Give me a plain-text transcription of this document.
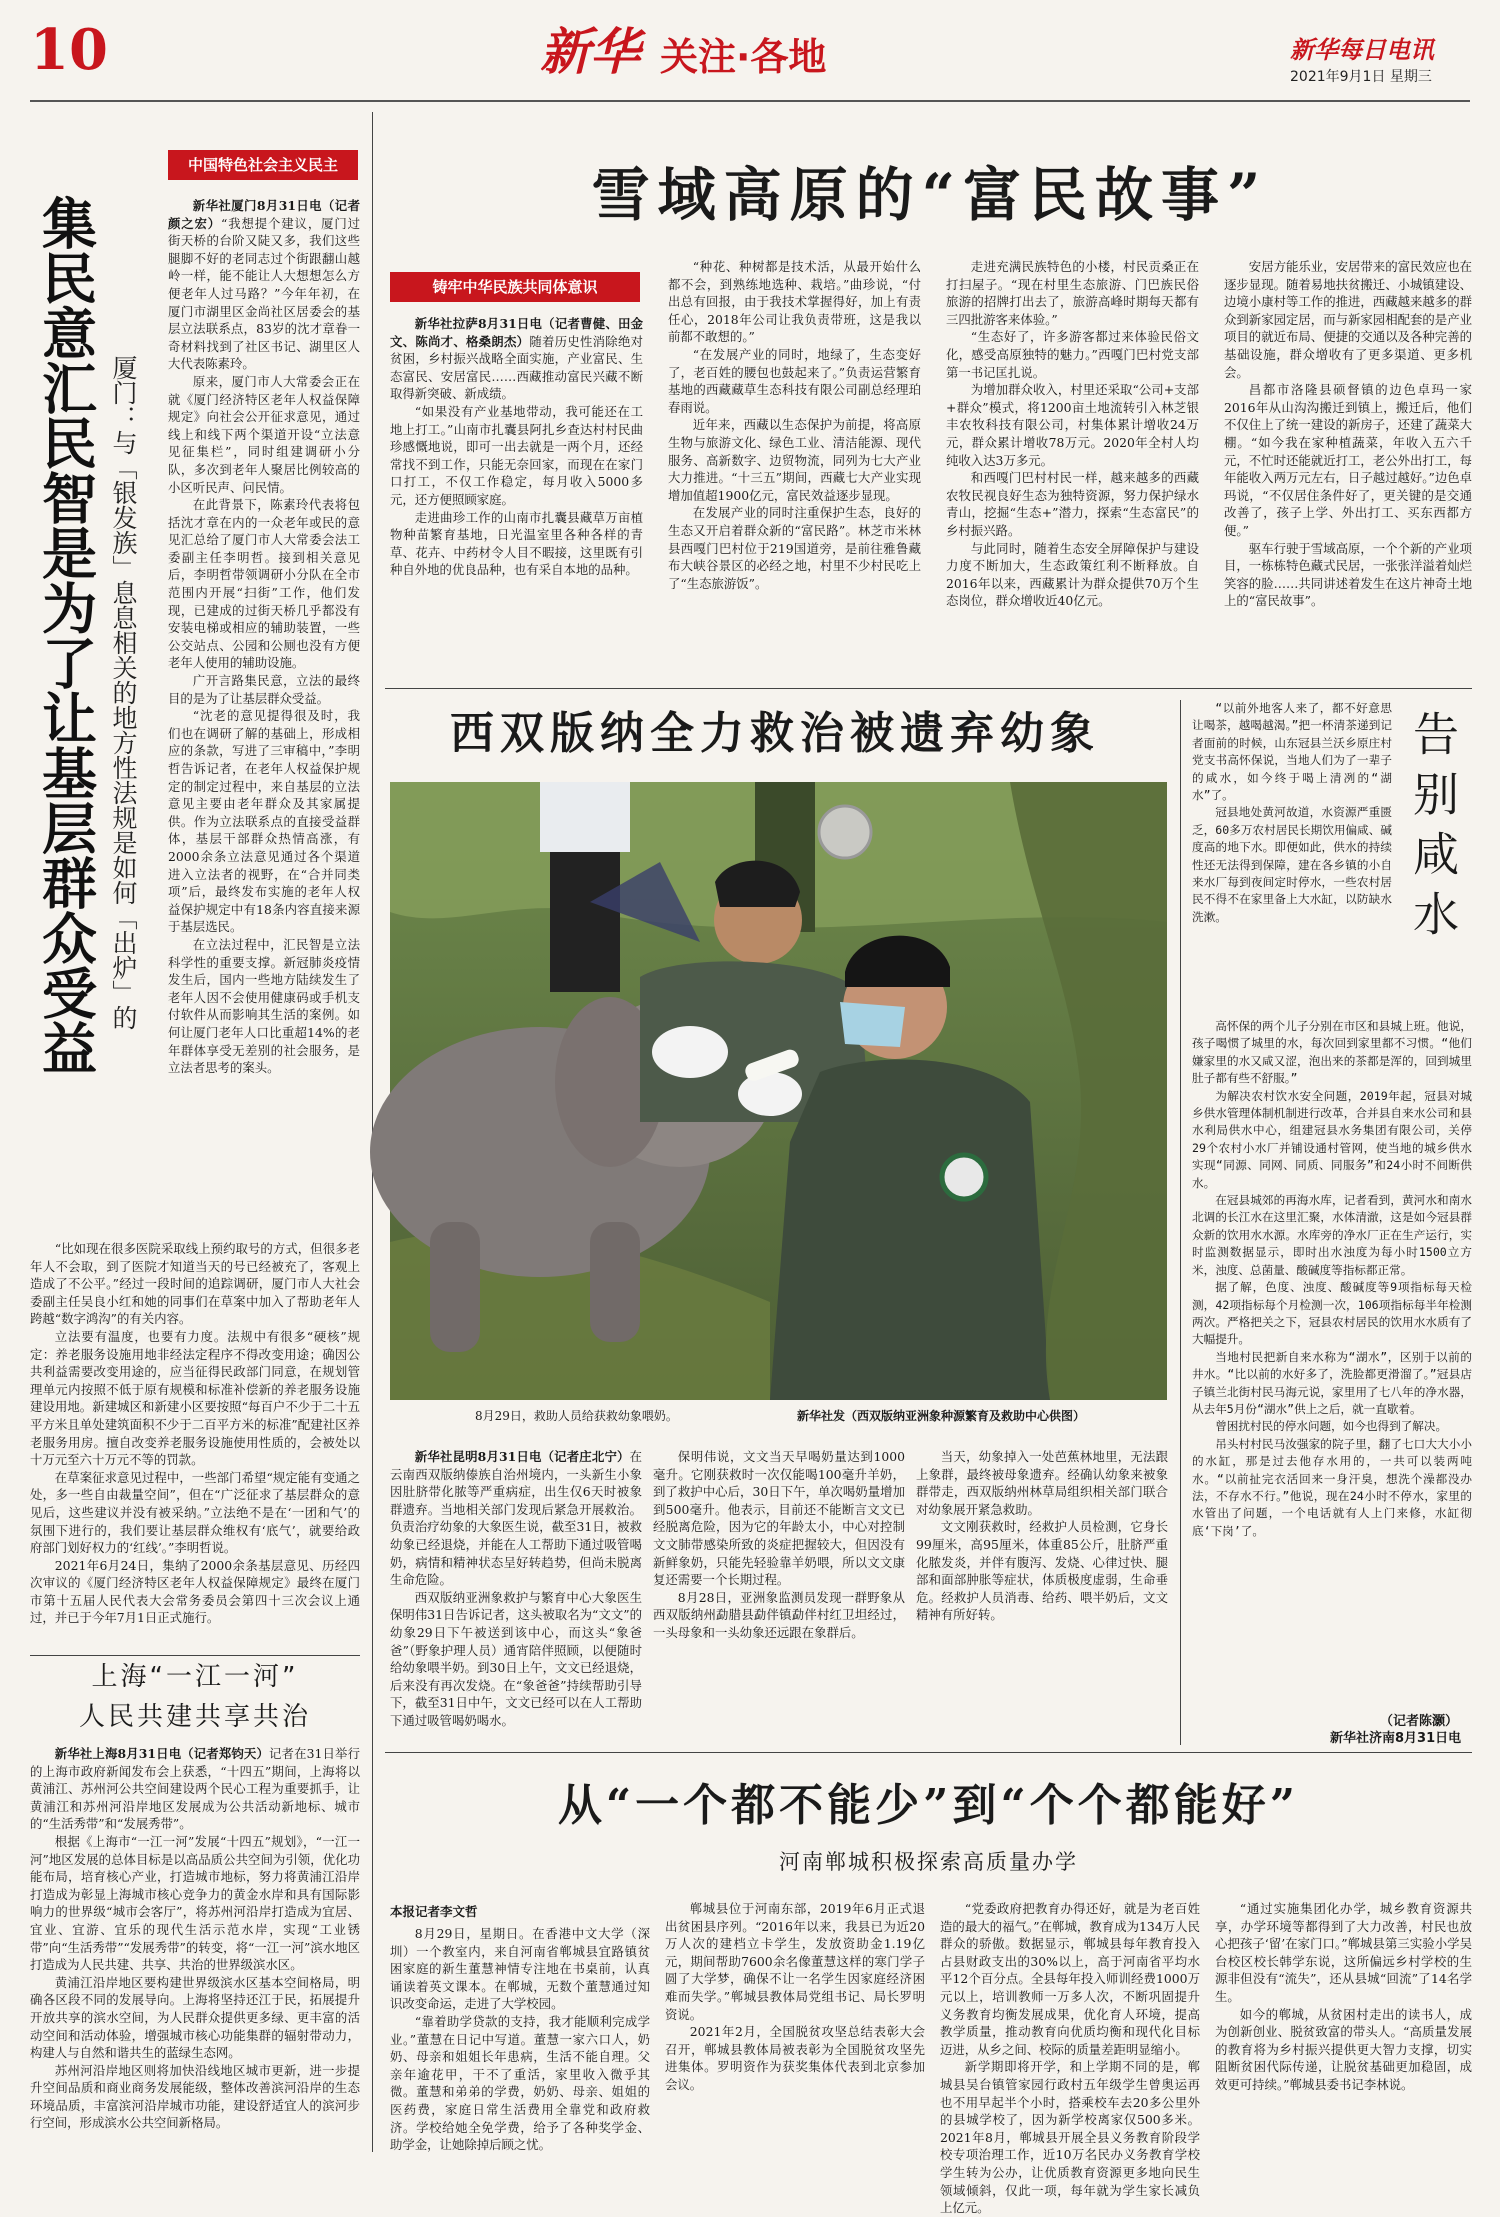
10	新华 关注·各地	新华每日电讯
2021年9月1日 星期三
中国特色社会主义民主
集民意汇民智是为了让基层群众受益 厦门：与「银发族」息息相关的地方性法规是如何「出炉」的

新华社厦门8月31日电（记者颜之宏）“我想提个建议，厦门过街天桥的台阶又陡又多，我们这些腿脚不好的老同志过个街跟翻山越岭一样，能不能让人大想想怎么方便老年人过马路？”今年年初，在厦门市湖里区金尚社区居委会的基层立法联系点，83岁的沈才章眷一奇材料找到了社区书记、湖里区人大代表陈素玲。

原来，厦门市人大常委会正在就《厦门经济特区老年人权益保障规定》向社会公开征求意见，通过线上和线下两个渠道开设“立法意见征集栏”，同时组建调研小分队，多次到老年人聚居比例较高的小区听民声、问民情。

在此背景下，陈素玲代表将包括沈才章在内的一众老年或民的意见汇总给了厦门市人大常委会法工委副主任李明哲。接到相关意见后，李明哲带领调研小分队在全市范围内开展“扫街”工作，他们发现，已建成的过街天桥几乎都没有安装电梯或相应的辅助装置，一些公交站点、公园和公厕也没有方便老年人使用的辅助设施。

广开言路集民意，立法的最终目的是为了让基层群众受益。

“沈老的意见提得很及时，我们也在调研了解的基础上，形成相应的条款，写进了三审稿中，”李明哲告诉记者，在老年人权益保护规定的制定过程中，来自基层的立法意见主要由老年群众及其家属提供。作为立法联系点的直接受益群体，基层干部群众热情高涨，有2000余条立法意见通过各个渠道进入立法者的视野，在“合并同类项”后，最终发布实施的老年人权益保护规定中有18条内容直接来源于基层选民。

在立法过程中，汇民智是立法科学性的重要支撑。新冠肺炎疫情发生后，国内一些地方陆续发生了老年人因不会使用健康码或手机支付软件从而影响其生活的案例。如何让厦门老年人口比重超14%的老年群体享受无差别的社会服务，是立法者思考的案头。

“比如现在很多医院采取线上预约取号的方式，但很多老年人不会取，到了医院才知道当天的号已经被充了，客观上造成了不公平。”经过一段时间的追踪调研，厦门市人大社会委副主任吴良小红和她的同事们在草案中加入了帮助老年人跨越“数字鸿沟”的有关内容。

立法要有温度，也要有力度。法规中有很多“硬核”规定：养老服务设施用地非经法定程序不得改变用途；确因公共利益需要改变用途的，应当征得民政部门同意，在规划管理单元内按照不低于原有规模和标准补偿新的养老服务设施建设用地。新建城区和新建小区要按照“每百户不少于二十五平方米且单处建筑面积不少于二百平方米的标准”配建社区养老服务用房。擅自改变养老服务设施使用性质的，会被处以十万元至六十万元不等的罚款。

在草案征求意见过程中，一些部门希望“规定能有变通之处，多一些自由裁量空间”，但在“广泛征求了基层群众的意见后，这些建议并没有被采纳。”立法绝不是在‘一团和气’的氛围下进行的，我们要让基层群众维权有‘底气’，就要给政府部门划好权力的‘红线’。”李明哲说。

2021年6月24日，集纳了2000余条基层意见、历经四次审议的《厦门经济特区老年人权益保障规定》最终在厦门市第十五届人民代表大会常务委员会第四十三次会议上通过，并已于今年7月1日正式施行。

上海“一江一河”
人民共建共享共治

新华社上海8月31日电（记者郑钧天）记者在31日举行的上海市政府新闻发布会上获悉，“十四五”期间，上海将以黄浦江、苏州河公共空间建设两个民心工程为重要抓手，让黄浦江和苏州河沿岸地区发展成为公共活动新地标、城市的“生活秀带”和“发展秀带”。

根据《上海市“一江一河”发展“十四五”规划》，“一江一河”地区发展的总体目标是以高品质公共空间为引领，优化功能布局，培育核心产业，打造城市地标，努力将黄浦江沿岸打造成为彰显上海城市核心竞争力的黄金水岸和具有国际影响力的世界级“城市会客厅”，将苏州河沿岸打造成为宜居、宜业、宜游、宜乐的现代生活示范水岸，实现“工业锈带”向“生活秀带”“发展秀带”的转变，将“一江一河”滨水地区打造成为人民共建、共享、共治的世界级滨水区。

黄浦江沿岸地区要构建世界级滨水区基本空间格局，明确各区段不同的发展导向。上海将坚持还江于民，拓展提升开放共享的滨水空间，为人民群众提供更多绿、更丰富的活动空间和活动体验，增强城市核心功能集群的辐射带动力，构建人与自然和谐共生的蓝绿生态网。

苏州河沿岸地区则将加快沿线地区城市更新，进一步提升空间品质和商业商务发展能级，整体改善滨河沿岸的生态环境品质，丰富滨河沿岸城市功能，建设舒适宜人的滨河步行空间，形成滨水公共空间新格局。

雪域高原的“富民故事”
铸牢中华民族共同体意识

新华社拉萨8月31日电（记者曹健、田金文、陈尚才、格桑朗杰）随着历史性消除绝对贫困，乡村振兴战略全面实施，产业富民、生态富民、安居富民……西藏推动富民兴藏不断取得新突破、新成绩。

“如果没有产业基地带动，我可能还在工地上打工。”山南市扎囊县阿扎乡查达村村民曲珍感慨地说，即可一出去就是一两个月，还经常找不到工作，只能无奈回家，而现在在家门口打工，不仅工作稳定，每月收入5000多元，还方便照顾家庭。

走进曲珍工作的山南市扎囊县藏草万亩植物种苗繁育基地，日光温室里各种各样的青草、花卉、中药材令人目不暇接，这里既有引种自外地的优良品种，也有采自本地的品种。

“种花、种树都是技术活，从最开始什么都不会，到熟练地选种、栽培。”曲珍说，“付出总有回报，由于我技术掌握得好，加上有责任心，2018年公司让我负责带班，这是我以前都不敢想的。”

“在发展产业的同时，地绿了，生态变好了，老百姓的腰包也鼓起来了。”负责运营繁育基地的西藏藏草生态科技有限公司副总经理珀春雨说。

近年来，西藏以生态保护为前提，将高原生物与旅游文化、绿色工业、清洁能源、现代服务、高新数字、边贸物流，同列为七大产业大力推进。“十三五”期间，西藏七大产业实现增加值超1900亿元，富民效益逐步显现。

在发展产业的同时注重保护生态，良好的生态又开启着群众新的“富民路”。林芝市米林县西嘎门巴村位于219国道旁，是前往雅鲁藏布大峡谷景区的必经之地，村里不少村民吃上了“生态旅游饭”。

走进充满民族特色的小楼，村民贡桑正在打扫屋子。“现在村里生态旅游、门巴族民俗旅游的招牌打出去了，旅游高峰时期每天都有三四批游客来体验。”

“生态好了，许多游客都过来体验民俗文化，感受高原独特的魅力。”西嘎门巴村党支部第一书记匡扎说。

为增加群众收入，村里还采取“公司+支部+群众”模式，将1200亩土地流转引入林芝银丰农牧科技有限公司，村集体累计增收24万元，群众累计增收78万元。2020年全村人均纯收入达3万多元。

和西嘎门巴村村民一样，越来越多的西藏农牧民视良好生态为独特资源，努力保护绿水青山，挖掘“生态+”潜力，探索“生态富民”的乡村振兴路。

与此同时，随着生态安全屏障保护与建设力度不断加大，生态政策红利不断释放。自2016年以来，西藏累计为群众提供70万个生态岗位，群众增收近40亿元。

安居方能乐业，安居带来的富民效应也在逐步显现。随着易地扶贫搬迁、小城镇建设、边境小康村等工作的推进，西藏越来越多的群众到新家园定居，而与新家园相配套的是产业项目的就近布局、便捷的交通以及各种完善的基础设施，群众增收有了更多渠道、更多机会。

昌都市洛隆县硕督镇的边色卓玛一家2016年从山沟沟搬迁到镇上，搬迁后，他们不仅住上了统一建设的新房子，还建了蔬菜大棚。“如今我在家种植蔬菜，年收入五六千元，不忙时还能就近打工，老公外出打工，每年能收入两万元左右，日子越过越好。”边色卓玛说，“不仅居住条件好了，更关键的是交通改善了，孩子上学、外出打工、买东西都方便。”

驱车行驶于雪域高原，一个个新的产业项目，一栋栋特色藏式民居，一张张洋溢着灿烂笑容的脸……共同讲述着发生在这片神奇土地上的“富民故事”。

西双版纳全力救治被遗弃幼象
8月29日，救助人员给获救幼象喂奶。	新华社发（西双版纳亚洲象种源繁育及救助中心供图）

新华社昆明8月31日电（记者庄北宁）在云南西双版纳傣族自治州境内，一头新生小象因肚脐带化脓等严重病症，出生仅6天时被象群遗弃。当地相关部门发现后紧急开展救治。负责治疗幼象的大象医生说，截至31日，被救幼象已经退烧，并能在人工帮助下通过吸管喝奶，病情和精神状态呈好转趋势，但尚未脱离生命危险。

西双版纳亚洲象救护与繁育中心大象医生保明伟31日告诉记者，这头被取名为“文文”的幼象29日下午被送到该中心，而这头“象爸爸”（野象护理人员）通宵陪伴照顾，以便随时给幼象喂半奶。到30日上午，文文已经退烧，后来没有再次发烧。在“象爸爸”持续帮助引导下，截至31日中午，文文已经可以在人工帮助下通过吸管喝奶喝水。

保明伟说，文文当天早喝奶量达到1000毫升。它刚获救时一次仅能喝100毫升羊奶，到了救护中心后，30日下午，单次喝奶量增加到500毫升。他表示，目前还不能断言文文已经脱离危险，因为它的年龄太小，中心对控制文文肺带感染所致的炎症把握较大，但因没有新鲜象奶，只能先轻验靠羊奶喂，所以文文康复还需要一个长期过程。

8月28日，亚洲象监测员发现一群野象从西双版纳州勐腊县勐伴镇勐伴村红卫坦经过，一头母象和一头幼象还远跟在象群后。

当天，幼象掉入一处芭蕉林地里，无法跟上象群，最终被母象遗弃。经确认幼象来被象群带走，西双版纳州林草局组织相关部门联合对幼象展开紧急救助。

文文刚获救时，经救护人员检测，它身长99厘米，高95厘米，体重85公斤，肚脐严重化脓发炎，并伴有腹泻、发烧、心律过快、腿部和面部肿胀等症状，体质极度虚弱，生命垂危。经救护人员消毒、给药、喂半奶后，文文精神有所好转。

告别咸水

“以前外地客人来了，都不好意思让喝茶，越喝越渴。”把一杯清茶递到记者面前的时候，山东冠县兰沃乡原庄村党支书高怀保说，当地人们为了一辈子的咸水，如今终于喝上清冽的“湖水”了。

冠县地处黄河故道，水资源严重匮乏，60多万农村居民长期饮用偏咸、碱度高的地下水。即便如此，供水的持续性还无法得到保障，建在各乡镇的小自来水厂每到夜间定时停水，一些农村居民不得不在家里备上大水缸，以防缺水洗漱。

高怀保的两个儿子分别在市区和县城上班。他说，孩子喝惯了城里的水，每次回到家里都不习惯。“他们嫌家里的水又咸又涩，泡出来的茶都是浑的，回到城里肚子都有些不舒服。”

为解决农村饮水安全问题，2019年起，冠县对城乡供水管理体制机制进行改革，合并县自来水公司和县水利局供水中心，组建冠县水务集团有限公司，关停29个农村小水厂并铺设通村管网，使当地的城乡供水实现“同源、同网、同质、同服务”和24小时不间断供水。

在冠县城郊的再海水库，记者看到，黄河水和南水北调的长江水在这里汇聚，水体清澈，这是如今冠县群众新的饮用水水源。水库旁的净水厂正在生产运行，实时监测数据显示，即时出水浊度为每小时1500立方米，浊度、总菌量、酸碱度等指标都正常。

据了解，色度、浊度、酸碱度等9项指标每天检测，42项指标每个月检测一次，106项指标每半年检测两次。严格把关之下，冠县农村居民的饮用水水质有了大幅提升。

当地村民把新自来水称为“湖水”，区别于以前的井水。“比以前的水好多了，洗脸都更滑溜了。”冠县店子镇兰北街村民马海元说，家里用了七八年的净水器，从去年5月份“湖水”供上之后，就一直歇着。

曾困扰村民的停水问题，如今也得到了解决。

吊头村村民马汝强家的院子里，翻了七口大大小小的水缸，那是过去他存水用的，一共可以装两吨水。“以前扯完衣活回来一身汗臭，想洗个澡都没办法，不存水不行。”他说，现在24小时不停水，家里的水管出了问题，一个电话就有人上门来修，水缸彻底‘下岗’了。

（记者陈灏）
新华社济南8月31日电
从“一个都不能少”到“个个都能好”
河南郸城积极探索高质量办学
本报记者李文哲

8月29日，星期日。在香港中文大学（深圳）一个教室内，来自河南省郸城县宜路镇贫困家庭的新生董慧神情专注地在书桌前，认真诵读着英文课本。在郸城，无数个董慧通过知识改变命运，走进了大学校园。

“靠着助学贷款的支持，我才能顺利完成学业。”董慧在日记中写道。董慧一家六口人，奶奶、母亲和姐姐长年患病，生活不能自理。父亲年逾花甲，干不了重活，家里收入微乎其微。董慧和弟弟的学费，奶奶、母亲、姐姐的医药费，家庭日常生活费用全靠党和政府救济。学校给她全免学费，给予了各种奖学金、助学金，让她除掉后顾之忧。

郸城县位于河南东部，2019年6月正式退出贫困县序列。“2016年以来，我县已为近20万人次的建档立卡学生，发放资助金1.19亿元，期间帮助7600余名像董慧这样的寒门学子圆了大学梦，确保不让一名学生因家庭经济困难而失学。”郸城县教体局党组书记、局长罗明资说。

2021年2月，全国脱贫攻坚总结表彰大会召开，郸城县教体局被表彰为全国脱贫攻坚先进集体。罗明资作为获奖集体代表到北京参加会议。

“党委政府把教育办得还好，就是为老百姓造的最大的福气。”在郸城，教育成为134万人民群众的骄傲。数据显示，郸城县每年教育投入占县财政支出的30%以上，高于河南省平均水平12个百分点。全县每年投入师训经费1000万元以上，培训教师一万多人次，不断巩固提升义务教育均衡发展成果，优化育人环境，提高教学质量，推动教育向优质均衡和现代化目标迈进，从乡之间、校际的质量差距明显缩小。

新学期即将开学，和上学期不同的是，郸城县吴台镇管家园行政村五年级学生曾奥运再也不用早起半个小时，搭乘校车去20多公里外的县城学校了，因为新学校离家仅500多米。2021年8月，郸城县开展全县义务教育阶段学校专项治理工作，近10万名民办义务教育学校学生转为公办，让优质教育资源更多地向民生领域倾斜，仅此一项，每年就为学生家长减负上亿元。

“通过实施集团化办学，城乡教育资源共享，办学环境等都得到了大力改善，村民也放心把孩子‘留’在家门口。”郸城县第三实验小学吴台校区校长韩学东说，这所偏远乡村学校的生源非但没有“流失”，还从县城“回流”了14名学生。

如今的郸城，从贫困村走出的读书人，成为创新创业、脱贫致富的带头人。“高质量发展的教育将为乡村振兴提供更大智力支撑，切实阻断贫困代际传递，让脱贫基础更加稳固，成效更可持续。”郸城县委书记李林说。
